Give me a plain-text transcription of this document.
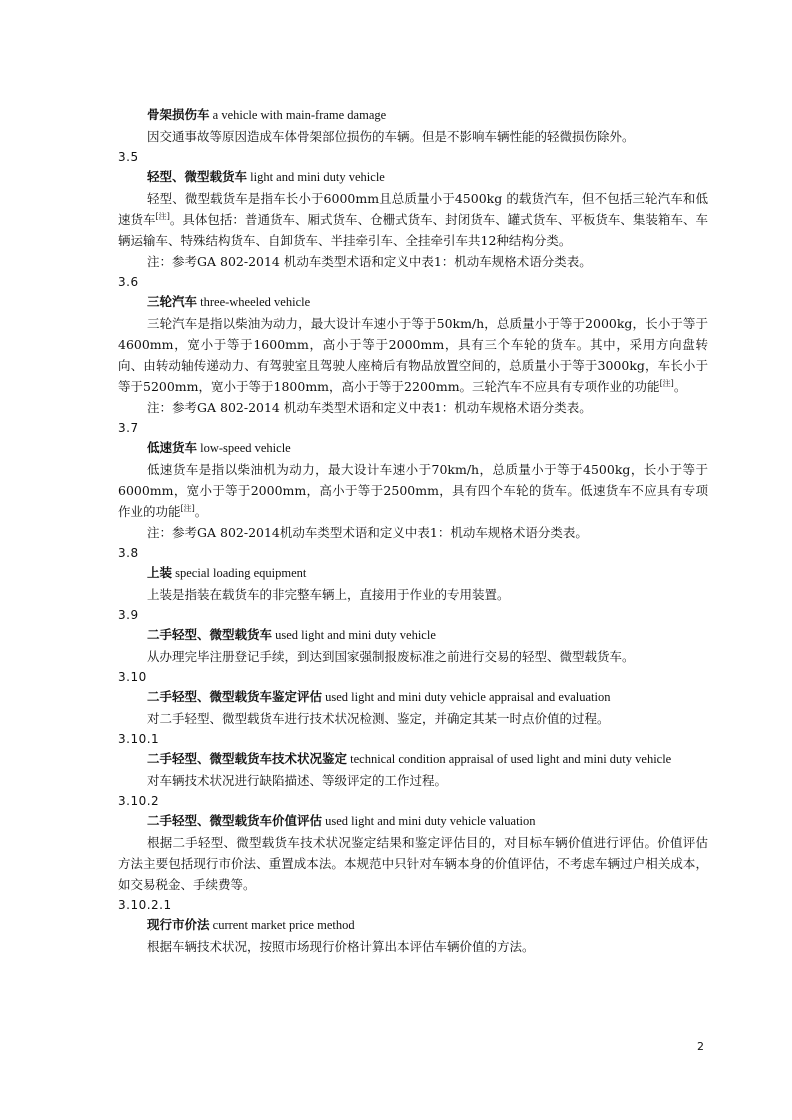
骨架损伤车 a vehicle with main-frame damage
因交通事故等原因造成车体骨架部位损伤的车辆。但是不影响车辆性能的轻微损伤除外。
3.5
轻型、微型载货车 light and mini duty vehicle
轻型、微型载货车是指车长小于6000mm且总质量小于4500kg 的载货汽车，但不包括三轮汽车和低速货车[注]。具体包括：普通货车、厢式货车、仓栅式货车、封闭货车、罐式货车、平板货车、集装箱车、车辆运输车、特殊结构货车、自卸货车、半挂牵引车、全挂牵引车共12种结构分类。
注：参考GA 802-2014 机动车类型术语和定义中表1：机动车规格术语分类表。
3.6
三轮汽车 three-wheeled vehicle
三轮汽车是指以柴油为动力，最大设计车速小于等于50km/h，总质量小于等于2000kg，长小于等于4600mm，宽小于等于1600mm，高小于等于2000mm，具有三个车轮的货车。其中，采用方向盘转向、由转动轴传递动力、有驾驶室且驾驶人座椅后有物品放置空间的，总质量小于等于3000kg，车长小于等于5200mm，宽小于等于1800mm，高小于等于2200mm。三轮汽车不应具有专项作业的功能[注]。
注：参考GA 802-2014 机动车类型术语和定义中表1：机动车规格术语分类表。
3.7
低速货车 low-speed vehicle
低速货车是指以柴油机为动力，最大设计车速小于70km/h，总质量小于等于4500kg，长小于等于6000mm，宽小于等于2000mm，高小于等于2500mm，具有四个车轮的货车。低速货车不应具有专项作业的功能[注]。
注：参考GA 802-2014机动车类型术语和定义中表1：机动车规格术语分类表。
3.8
上装 special loading equipment
上装是指装在载货车的非完整车辆上，直接用于作业的专用装置。
3.9
二手轻型、微型载货车 used light and mini duty vehicle
从办理完毕注册登记手续，到达到国家强制报废标准之前进行交易的轻型、微型载货车。
3.10
二手轻型、微型载货车鉴定评估 used light and mini duty vehicle appraisal and evaluation
对二手轻型、微型载货车进行技术状况检测、鉴定，并确定其某一时点价值的过程。
3.10.1
二手轻型、微型载货车技术状况鉴定 technical condition appraisal of used light and mini duty vehicle
对车辆技术状况进行缺陷描述、等级评定的工作过程。
3.10.2
二手轻型、微型载货车价值评估 used light and mini duty vehicle valuation
根据二手轻型、微型载货车技术状况鉴定结果和鉴定评估目的，对目标车辆价值进行评估。价值评估方法主要包括现行市价法、重置成本法。本规范中只针对车辆本身的价值评估，不考虑车辆过户相关成本，如交易税金、手续费等。
3.10.2.1
现行市价法 current market price method
根据车辆技术状况，按照市场现行价格计算出本评估车辆价值的方法。
2
